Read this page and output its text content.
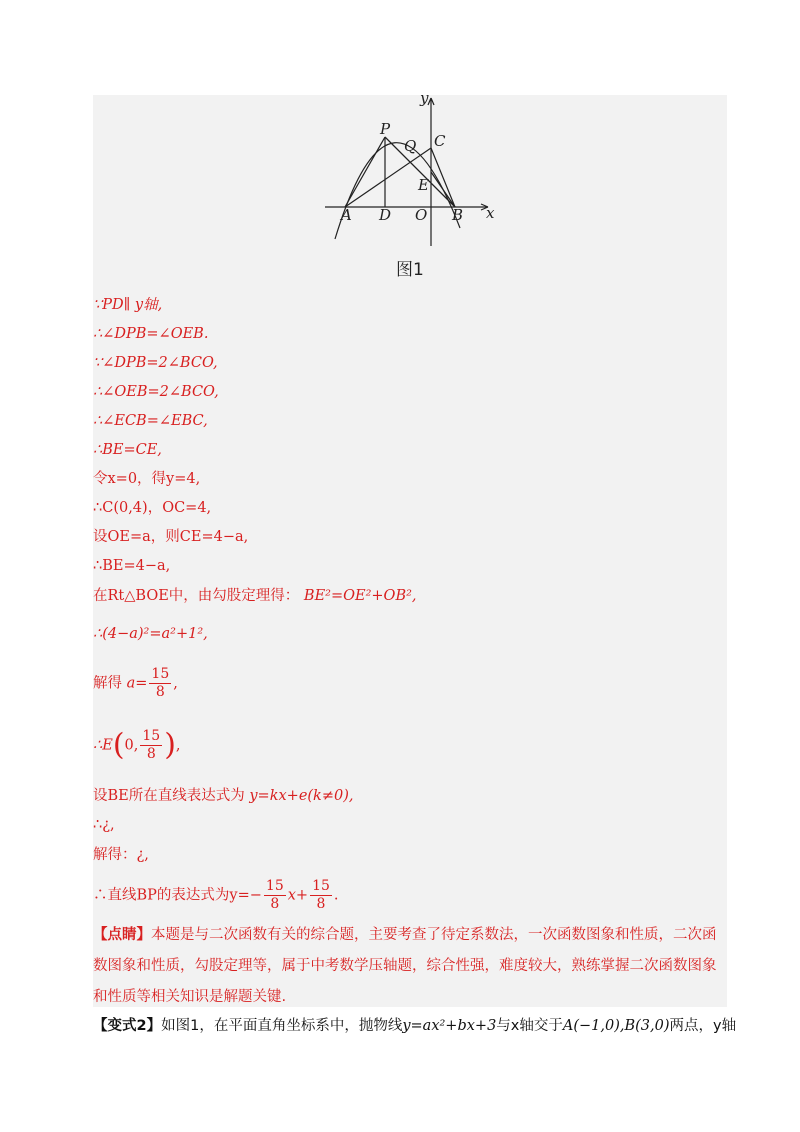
y
x
P
C
Q
E
A D O B
图1
∵PD∥ y轴,
∴∠DPB=∠OEB.
∵∠DPB=2∠BCO,
∴∠OEB=2∠BCO,
∴∠ECB=∠EBC,
∴BE=CE,
令x=0，得y=4,
∴C(0,4)，OC=4,
设OE=a，则CE=4−a,
∴BE=4−a,
在Rt△BOE中，由勾股定理得： BE²=OE²+OB²,
∴(4−a)²=a²+1²,
解得 $a= \frac{15}{8}$ ,
∴E(0, $\frac{15}{8}$ ),
设BE所在直线表达式为 y=kx+e(k≠0),
∴¿,
解得：¿,
∴直线BP的表达式为$y=- \frac{15}{8} x+ \frac{15}{8}$ .
【点睛】本题是与二次函数有关的综合题，主要考查了待定系数法，一次函数图象和性质，二次函数图象和性质，勾股定理等，属于中考数学压轴题，综合性强，难度较大，熟练掌握二次函数图象和性质等相关知识是解题关键.
【变式2】如图1，在平面直角坐标系中，抛物线y=ax²+bx+3与x轴交于A(−1,0),B(3,0)两点，y轴
